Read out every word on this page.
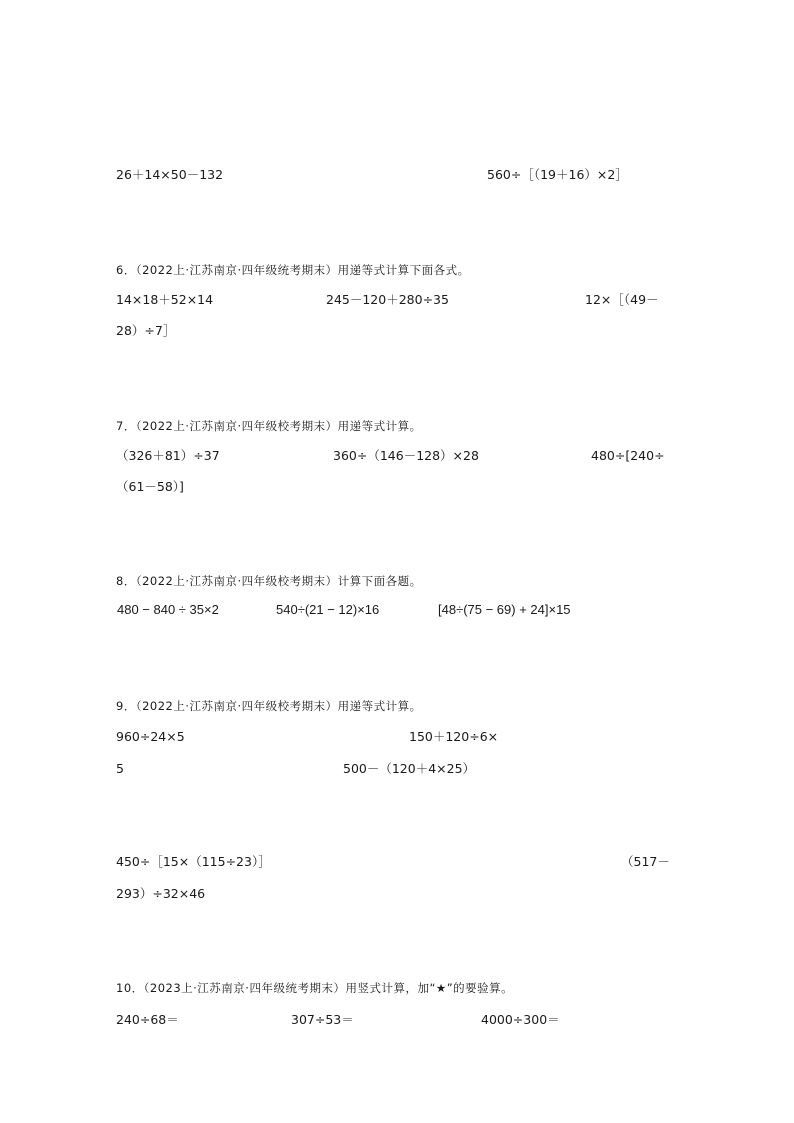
26＋14×50－132	560÷［（19＋16）×2］
6．（2022上·江苏南京·四年级统考期末）用递等式计算下面各式。
14×18＋52×14	245－120＋280÷35	12×［（49－
28）÷7］
7．（2022上·江苏南京·四年级校考期末）用递等式计算。
（326＋81）÷37	360÷（146－128）×28	480÷[240÷
（61－58）]
8．（2022上·江苏南京·四年级校考期末）计算下面各题。
480 − 840 ÷ 35×2	540÷(21 − 12)×16	[48÷(75 − 69) + 24]×15
9．（2022上·江苏南京·四年级校考期末）用递等式计算。
960÷24×5	150＋120÷6×
5	500－（120＋4×25）
450÷［15×（115÷23）］	（517－
293）÷32×46
10．（2023上·江苏南京·四年级统考期末）用竖式计算，加“★”的要验算。
240÷68＝	307÷53＝	4000÷300＝
